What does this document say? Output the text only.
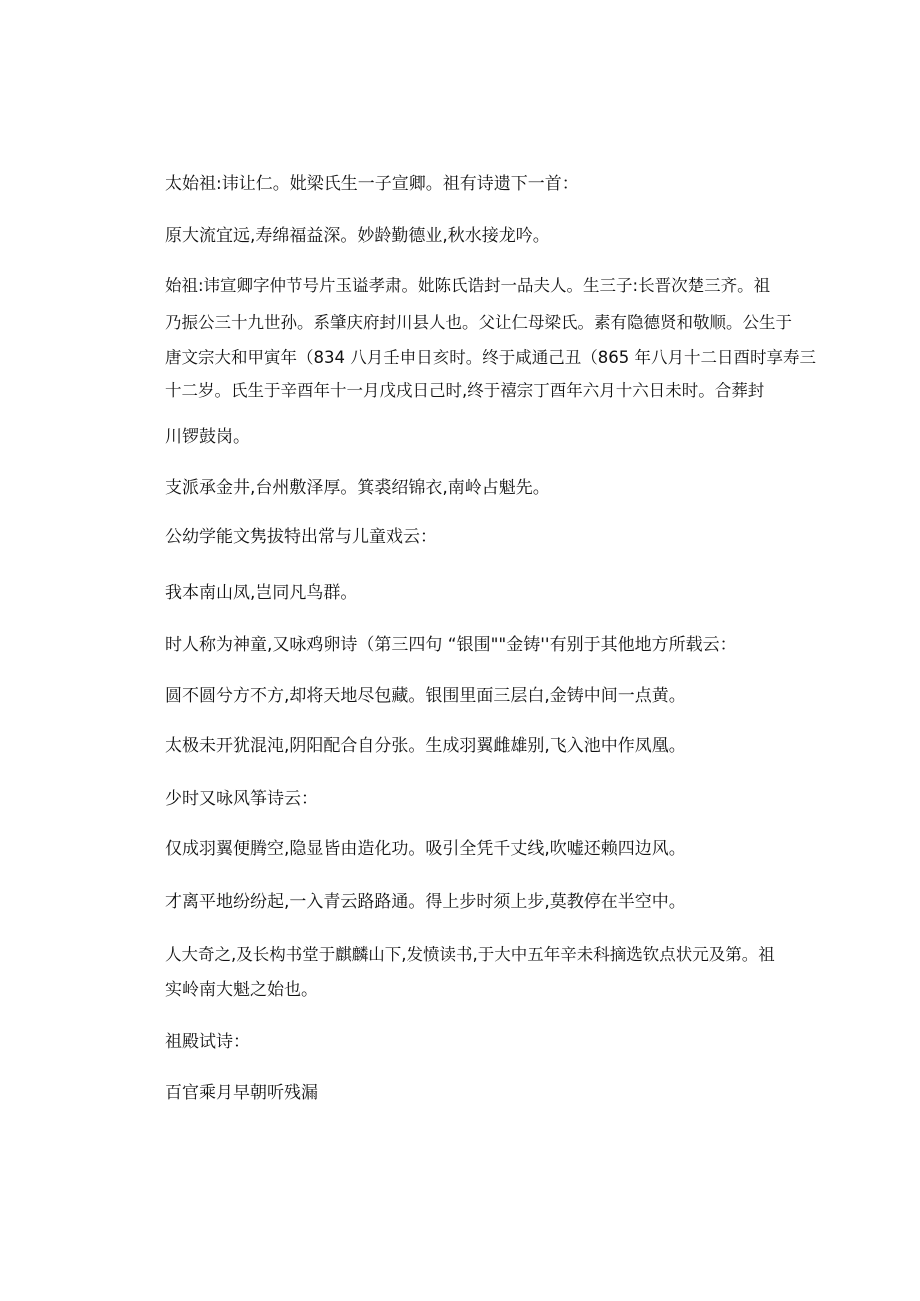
太始祖:讳让仁。妣梁氏生一子宣卿。祖有诗遗下一首：

原大流宜远,寿绵福益深。妙龄勤德业,秋水接龙吟。

始祖:讳宣卿字仲节号片玉谥孝肃。妣陈氏诰封一品夫人。生三子:长晋次楚三齐。祖

乃振公三十九世孙。系肇庆府封川县人也。父让仁母梁氏。素有隐德贤和敬顺。公生于

唐文宗大和甲寅年（834 八月壬申日亥时。终于咸通己丑（865 年八月十二日酉时享寿三

十二岁。氏生于辛酉年十一月戊戌日己时,终于禧宗丁酉年六月十六日未时。合葬封

川锣鼓岗。

支派承金井,台州敷泽厚。箕裘绍锦衣,南岭占魁先。

公幼学能文隽拔特出常与儿童戏云：

我本南山凤,岂同凡鸟群。

时人称为神童,又咏鸡卵诗（第三四句 “银围""金铸''有别于其他地方所载云：

圆不圆兮方不方,却将天地尽包藏。银围里面三层白,金铸中间一点黄。

太极未开犹混沌,阴阳配合自分张。生成羽翼雌雄别,飞入池中作凤凰。

少时又咏风筝诗云：

仅成羽翼便腾空,隐显皆由造化功。吸引全凭千丈线,吹嘘还赖四边风。

才离平地纷纷起,一入青云路路通。得上步时须上步,莫教停在半空中。

人大奇之,及长构书堂于麒麟山下,发愤读书,于大中五年辛未科摘选钦点状元及第。祖

实岭南大魁之始也。

祖殿试诗：

百官乘月早朝听残漏
